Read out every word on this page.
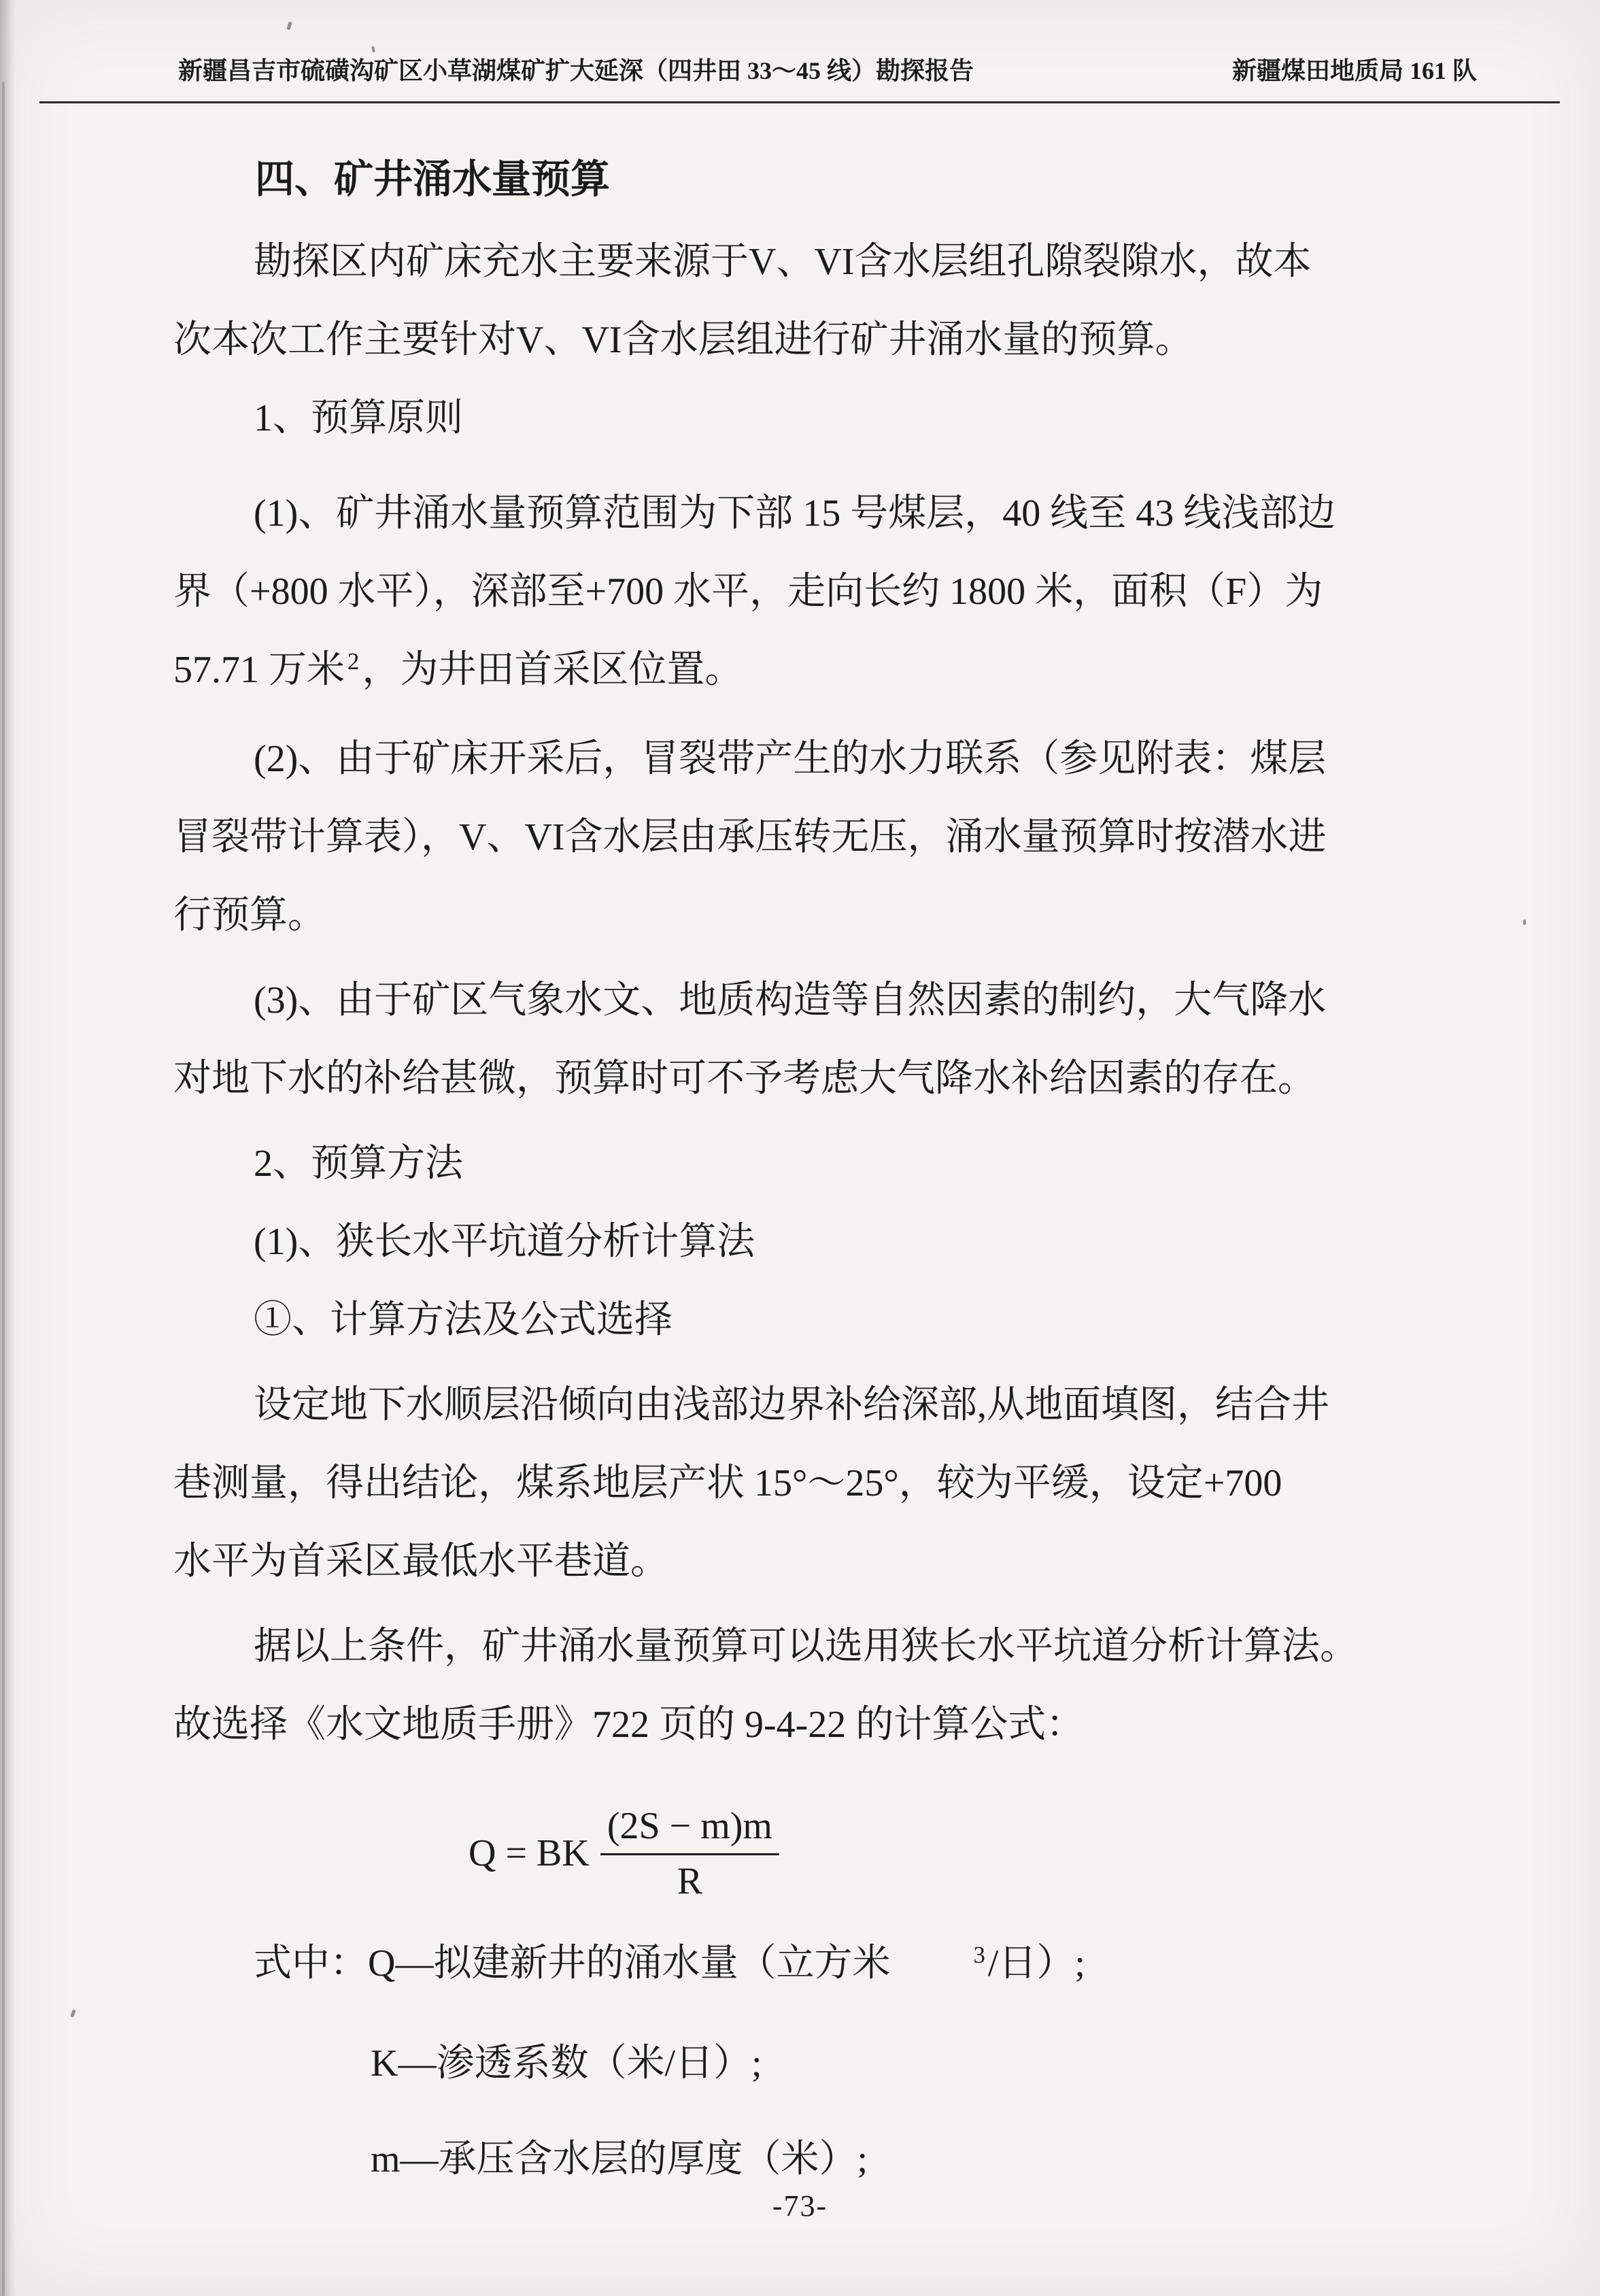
新疆昌吉市硫磺沟矿区小草湖煤矿扩大延深（四井田 33～45 线）勘探报告	新疆煤田地质局 161 队
四、矿井涌水量预算

勘探区内矿床充水主要来源于V、VI含水层组孔隙裂隙水，故本

次本次工作主要针对V、VI含水层组进行矿井涌水量的预算。

1、预算原则

(1)、矿井涌水量预算范围为下部 15 号煤层，40 线至 43 线浅部边

界（+800 水平），深部至+700 水平，走向长约 1800 米，面积（F）为

57.71 万米 2，为井田首采区位置。

(2)、由于矿床开采后，冒裂带产生的水力联系（参见附表：煤层

冒裂带计算表），V、VI含水层由承压转无压，涌水量预算时按潜水进

行预算。

(3)、由于矿区气象水文、地质构造等自然因素的制约，大气降水

对地下水的补给甚微，预算时可不予考虑大气降水补给因素的存在。

2、预算方法

(1)、狭长水平坑道分析计算法

①、计算方法及公式选择

设定地下水顺层沿倾向由浅部边界补给深部,从地面填图，结合井

巷测量，得出结论，煤系地层产状 15°～25°，较为平缓，设定+700

水平为首采区最低水平巷道。

据以上条件，矿井涌水量预算可以选用狭长水平坑道分析计算法。

故选择《水文地质手册》722 页的 9-4-22 的计算公式：

Q = BK $\frac{(2S - m)m}{R}$

式中：Q—拟建新井的涌水量（立方米	3/日）;

K—渗透系数（米/日）;

m—承压含水层的厚度（米）;

-73-
